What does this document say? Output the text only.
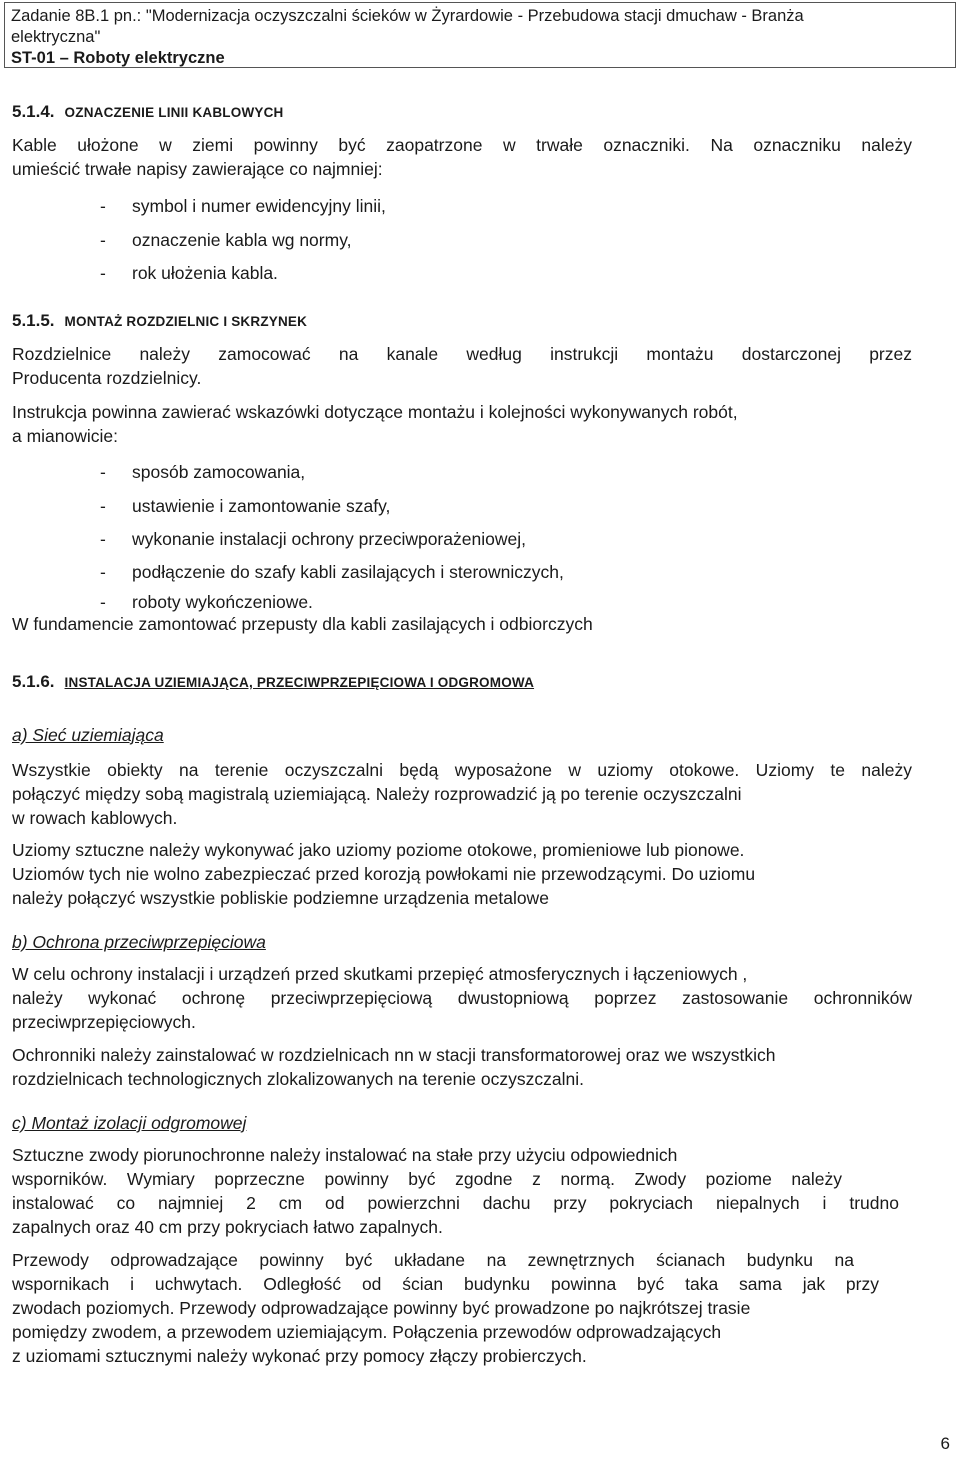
Zadanie 8B.1 pn.: "Modernizacja oczyszczalni ścieków w Żyrardowie - Przebudowa stacji dmuchaw - Branża
elektryczna"
ST-01 – Roboty elektryczne
5.1.4. OZNACZENIE LINII KABLOWYCH
Kable ułożone w ziemi powinny być zaopatrzone w trwałe oznaczniki. Na oznaczniku należy
umieścić trwałe napisy zawierające co najmniej:
- symbol i numer ewidencyjny linii,
- oznaczenie kabla wg normy,
- rok ułożenia kabla.
5.1.5. MONTAŻ ROZDZIELNIC I SKRZYNEK
Rozdzielnice należy zamocować na kanale według instrukcji montażu dostarczonej przez
Producenta rozdzielnicy.
Instrukcja powinna zawierać wskazówki dotyczące montażu i kolejności wykonywanych robót,
a mianowicie:
- sposób zamocowania,
- ustawienie i zamontowanie szafy,
- wykonanie instalacji ochrony przeciwporażeniowej,
- podłączenie do szafy kabli zasilających i sterowniczych,
- roboty wykończeniowe.
W fundamencie zamontować przepusty dla kabli zasilających i odbiorczych
5.1.6. INSTALACJA UZIEMIAJĄCA, PRZECIWPRZEPIĘCIOWA I ODGROMOWA
a) Sieć uziemiająca
Wszystkie obiekty na terenie oczyszczalni będą wyposażone w uziomy otokowe. Uziomy te należy
połączyć między sobą magistralą uziemiającą. Należy rozprowadzić ją po terenie oczyszczalni
w rowach kablowych.
Uziomy sztuczne należy wykonywać jako uziomy poziome otokowe, promieniowe lub pionowe.
Uziomów tych nie wolno zabezpieczać przed korozją powłokami nie przewodzącymi. Do uziomu
należy połączyć wszystkie pobliskie podziemne urządzenia metalowe
b) Ochrona przeciwprzepięciowa
W celu ochrony instalacji i urządzeń przed skutkami przepięć atmosferycznych i łączeniowych ,
należy wykonać ochronę przeciwprzepięciową dwustopniową poprzez zastosowanie ochronników
przeciwprzepięciowych.
Ochronniki należy zainstalować w rozdzielnicach nn w stacji transformatorowej oraz we wszystkich
rozdzielnicach technologicznych zlokalizowanych na terenie oczyszczalni.
c) Montaż izolacji odgromowej
Sztuczne zwody piorunochronne należy instalować na stałe przy użyciu odpowiednich
wsporników. Wymiary poprzeczne powinny być zgodne z normą. Zwody poziome należy
instalować co najmniej 2 cm od powierzchni dachu przy pokryciach niepalnych i trudno
zapalnych oraz 40 cm przy pokryciach łatwo zapalnych.
Przewody odprowadzające powinny być układane na zewnętrznych ścianach budynku na
wspornikach i uchwytach. Odległość od ścian budynku powinna być taka sama jak przy
zwodach poziomych. Przewody odprowadzające powinny być prowadzone po najkrótszej trasie
pomiędzy zwodem, a przewodem uziemiającym. Połączenia przewodów odprowadzających
z uziomami sztucznymi należy wykonać przy pomocy złączy probierczych.
6
